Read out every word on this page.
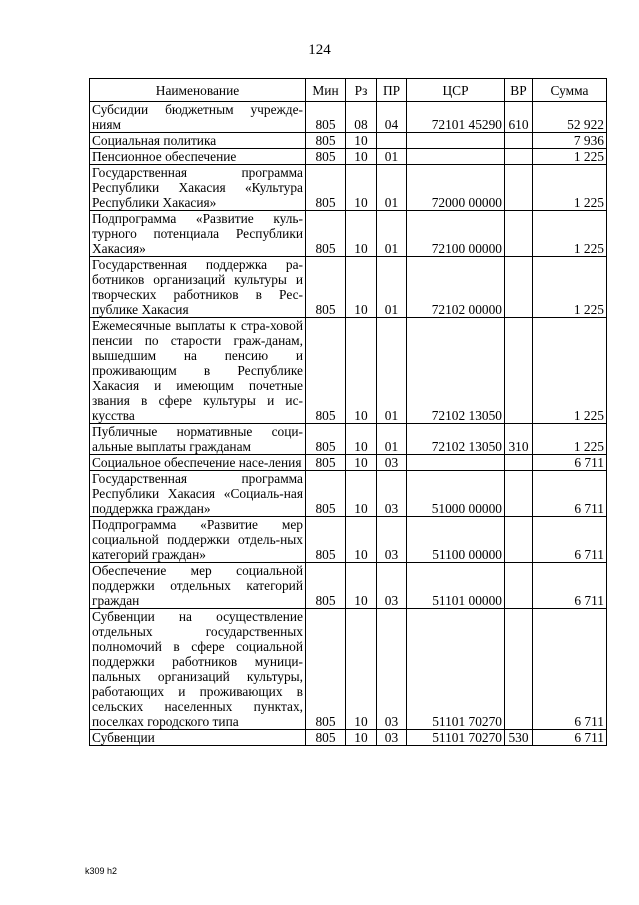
124
Наименование	Мин	Рз	ПР	ЦСР	ВР	Сумма
Субсидии бюджетным учрежде-ниям	805	08	04	72101 45290	610	52 922
Социальная политика	805	10				7 936
Пенсионное обеспечение	805	10	01			1 225
Государственная программа Республики Хакасия «Культура Республики Хакасия»	805	10	01	72000 00000		1 225
Подпрограмма «Развитие куль-турного потенциала Республики Хакасия»	805	10	01	72100 00000		1 225
Государственная поддержка ра-ботников организаций культуры и творческих работников в Рес-публике Хакасия	805	10	01	72102 00000		1 225
Ежемесячные выплаты к стра-ховой пенсии по старости граж-данам, вышедшим на пенсию и проживающим в Республике Хакасия и имеющим почетные звания в сфере культуры и ис-кусства	805	10	01	72102 13050		1 225
Публичные нормативные соци-альные выплаты гражданам	805	10	01	72102 13050	310	1 225
Социальное обеспечение насе-ления	805	10	03			6 711
Государственная программа Республики Хакасия «Социаль-ная поддержка граждан»	805	10	03	51000 00000		6 711
Подпрограмма «Развитие мер социальной поддержки отдель-ных категорий граждан»	805	10	03	51100 00000		6 711
Обеспечение мер социальной поддержки отдельных категорий граждан	805	10	03	51101 00000		6 711
Субвенции на осуществление отдельных государственных полномочий в сфере социальной поддержки работников муници-пальных организаций культуры, работающих и проживающих в сельских населенных пунктах, поселках городского типа	805	10	03	51101 70270		6 711
Субвенции	805	10	03	51101 70270	530	6 711
k309 h2
